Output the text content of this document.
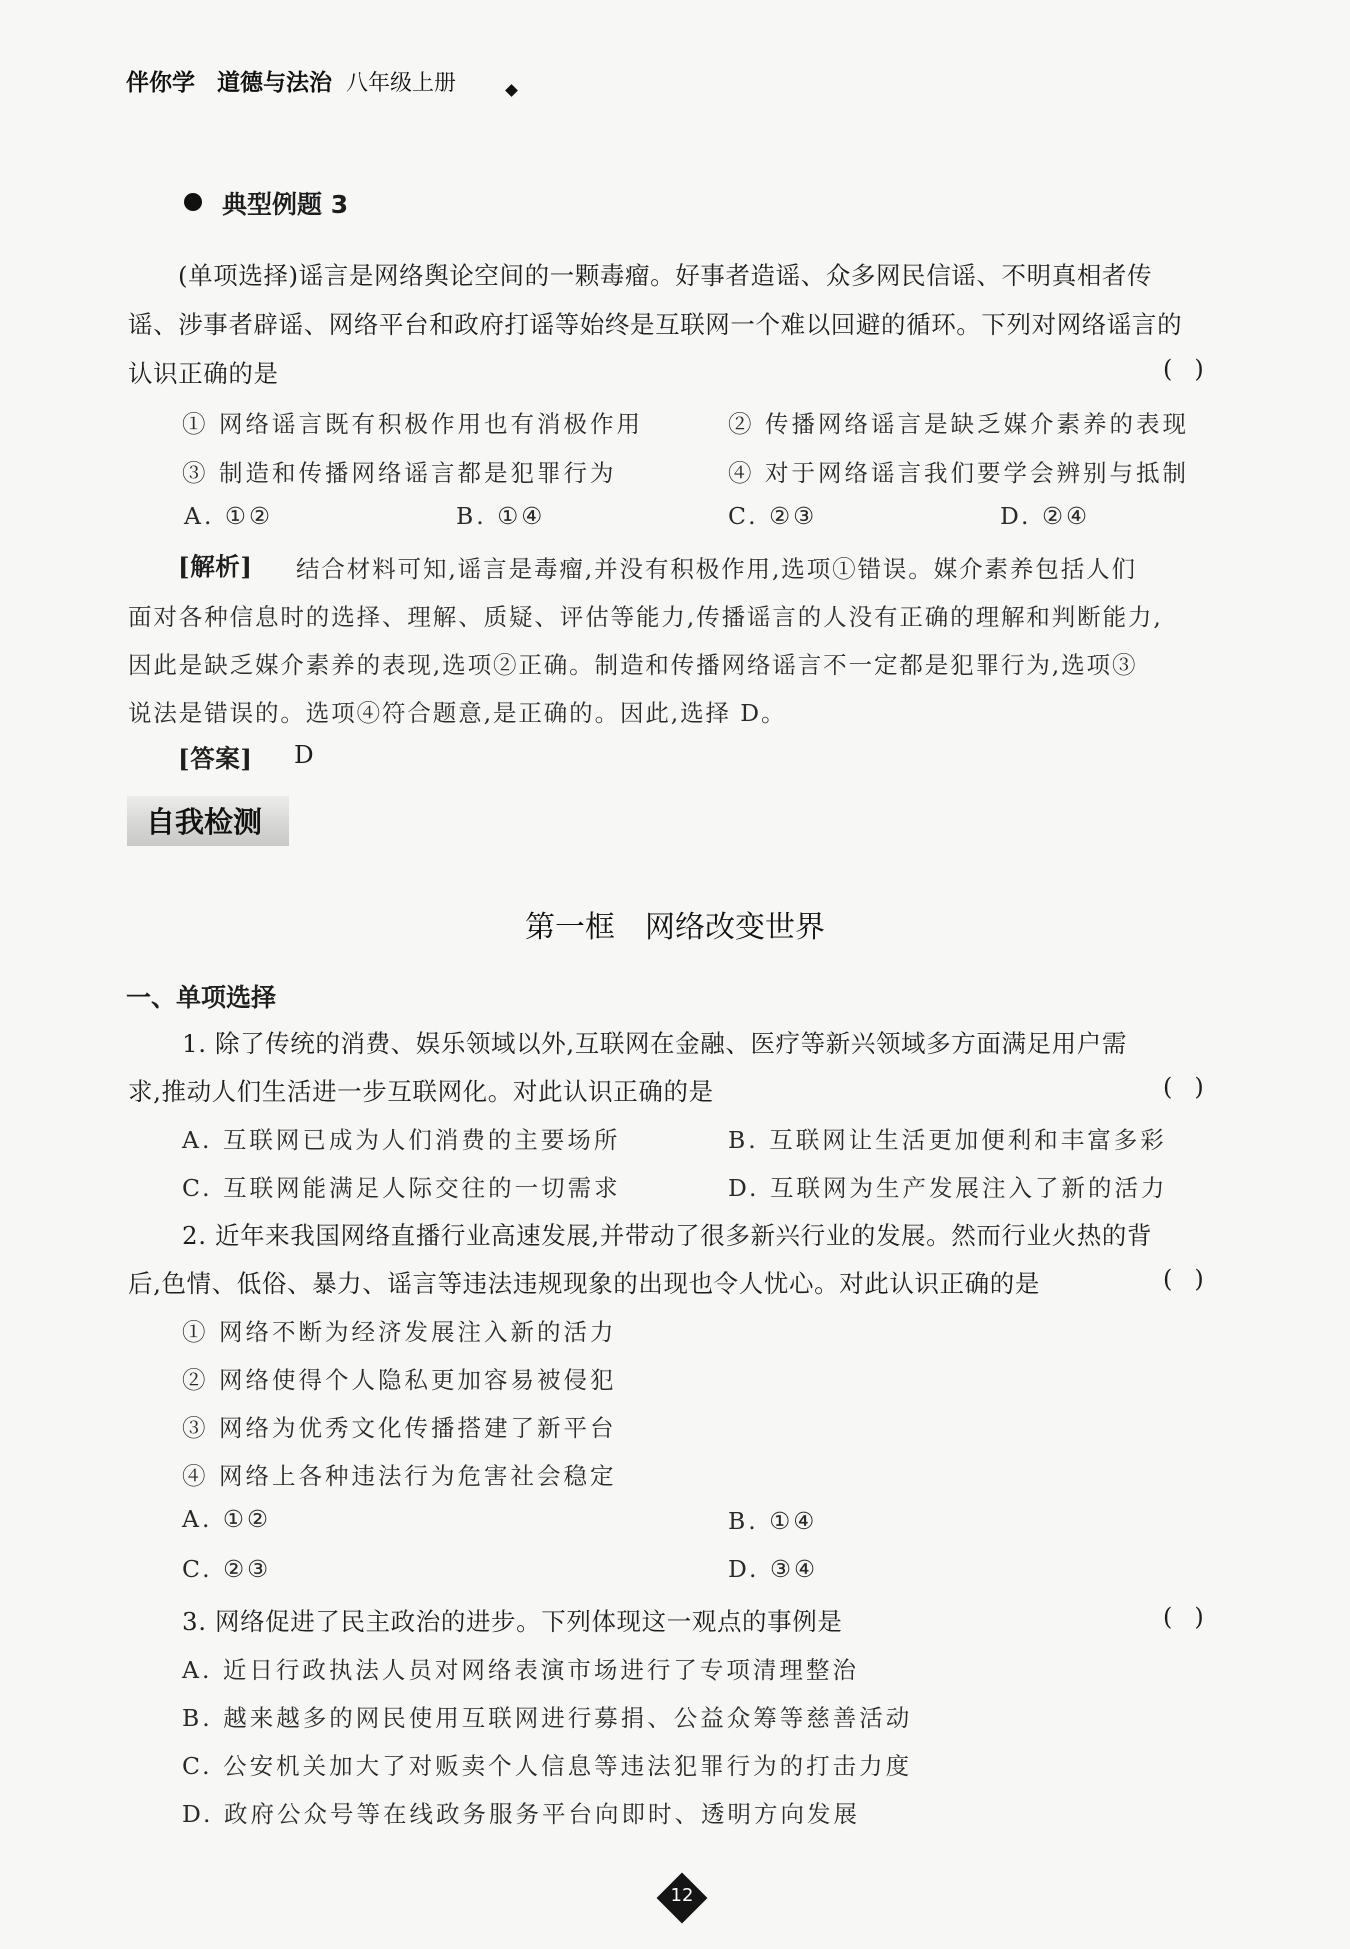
伴你学 道德与法治 八年级上册
典型例题 3
(单项选择)谣言是网络舆论空间的一颗毒瘤。好事者造谣、众多网民信谣、不明真相者传
谣、涉事者辟谣、网络平台和政府打谣等始终是互联网一个难以回避的循环。下列对网络谣言的
认识正确的是	()
① 网络谣言既有积极作用也有消极作用	② 传播网络谣言是缺乏媒介素养的表现
③ 制造和传播网络谣言都是犯罪行为	④ 对于网络谣言我们要学会辨别与抵制
A. ①②	B. ①④	C. ②③	D. ②④
[解析] 结合材料可知,谣言是毒瘤,并没有积极作用,选项①错误。媒介素养包括人们
面对各种信息时的选择、理解、质疑、评估等能力,传播谣言的人没有正确的理解和判断能力,
因此是缺乏媒介素养的表现,选项②正确。制造和传播网络谣言不一定都是犯罪行为,选项③
说法是错误的。选项④符合题意,是正确的。因此,选择 D。
[答案] D
自我检测
第一框　网络改变世界
一、单项选择
1. 除了传统的消费、娱乐领域以外,互联网在金融、医疗等新兴领域多方面满足用户需
求,推动人们生活进一步互联网化。对此认识正确的是	()
A. 互联网已成为人们消费的主要场所	B. 互联网让生活更加便利和丰富多彩
C. 互联网能满足人际交往的一切需求	D. 互联网为生产发展注入了新的活力
2. 近年来我国网络直播行业高速发展,并带动了很多新兴行业的发展。然而行业火热的背
后,色情、低俗、暴力、谣言等违法违规现象的出现也令人忧心。对此认识正确的是	()
① 网络不断为经济发展注入新的活力
② 网络使得个人隐私更加容易被侵犯
③ 网络为优秀文化传播搭建了新平台
④ 网络上各种违法行为危害社会稳定
A. ①②	B. ①④
C. ②③	D. ③④
3. 网络促进了民主政治的进步。下列体现这一观点的事例是	()
A. 近日行政执法人员对网络表演市场进行了专项清理整治
B. 越来越多的网民使用互联网进行募捐、公益众筹等慈善活动
C. 公安机关加大了对贩卖个人信息等违法犯罪行为的打击力度
D. 政府公众号等在线政务服务平台向即时、透明方向发展
12
